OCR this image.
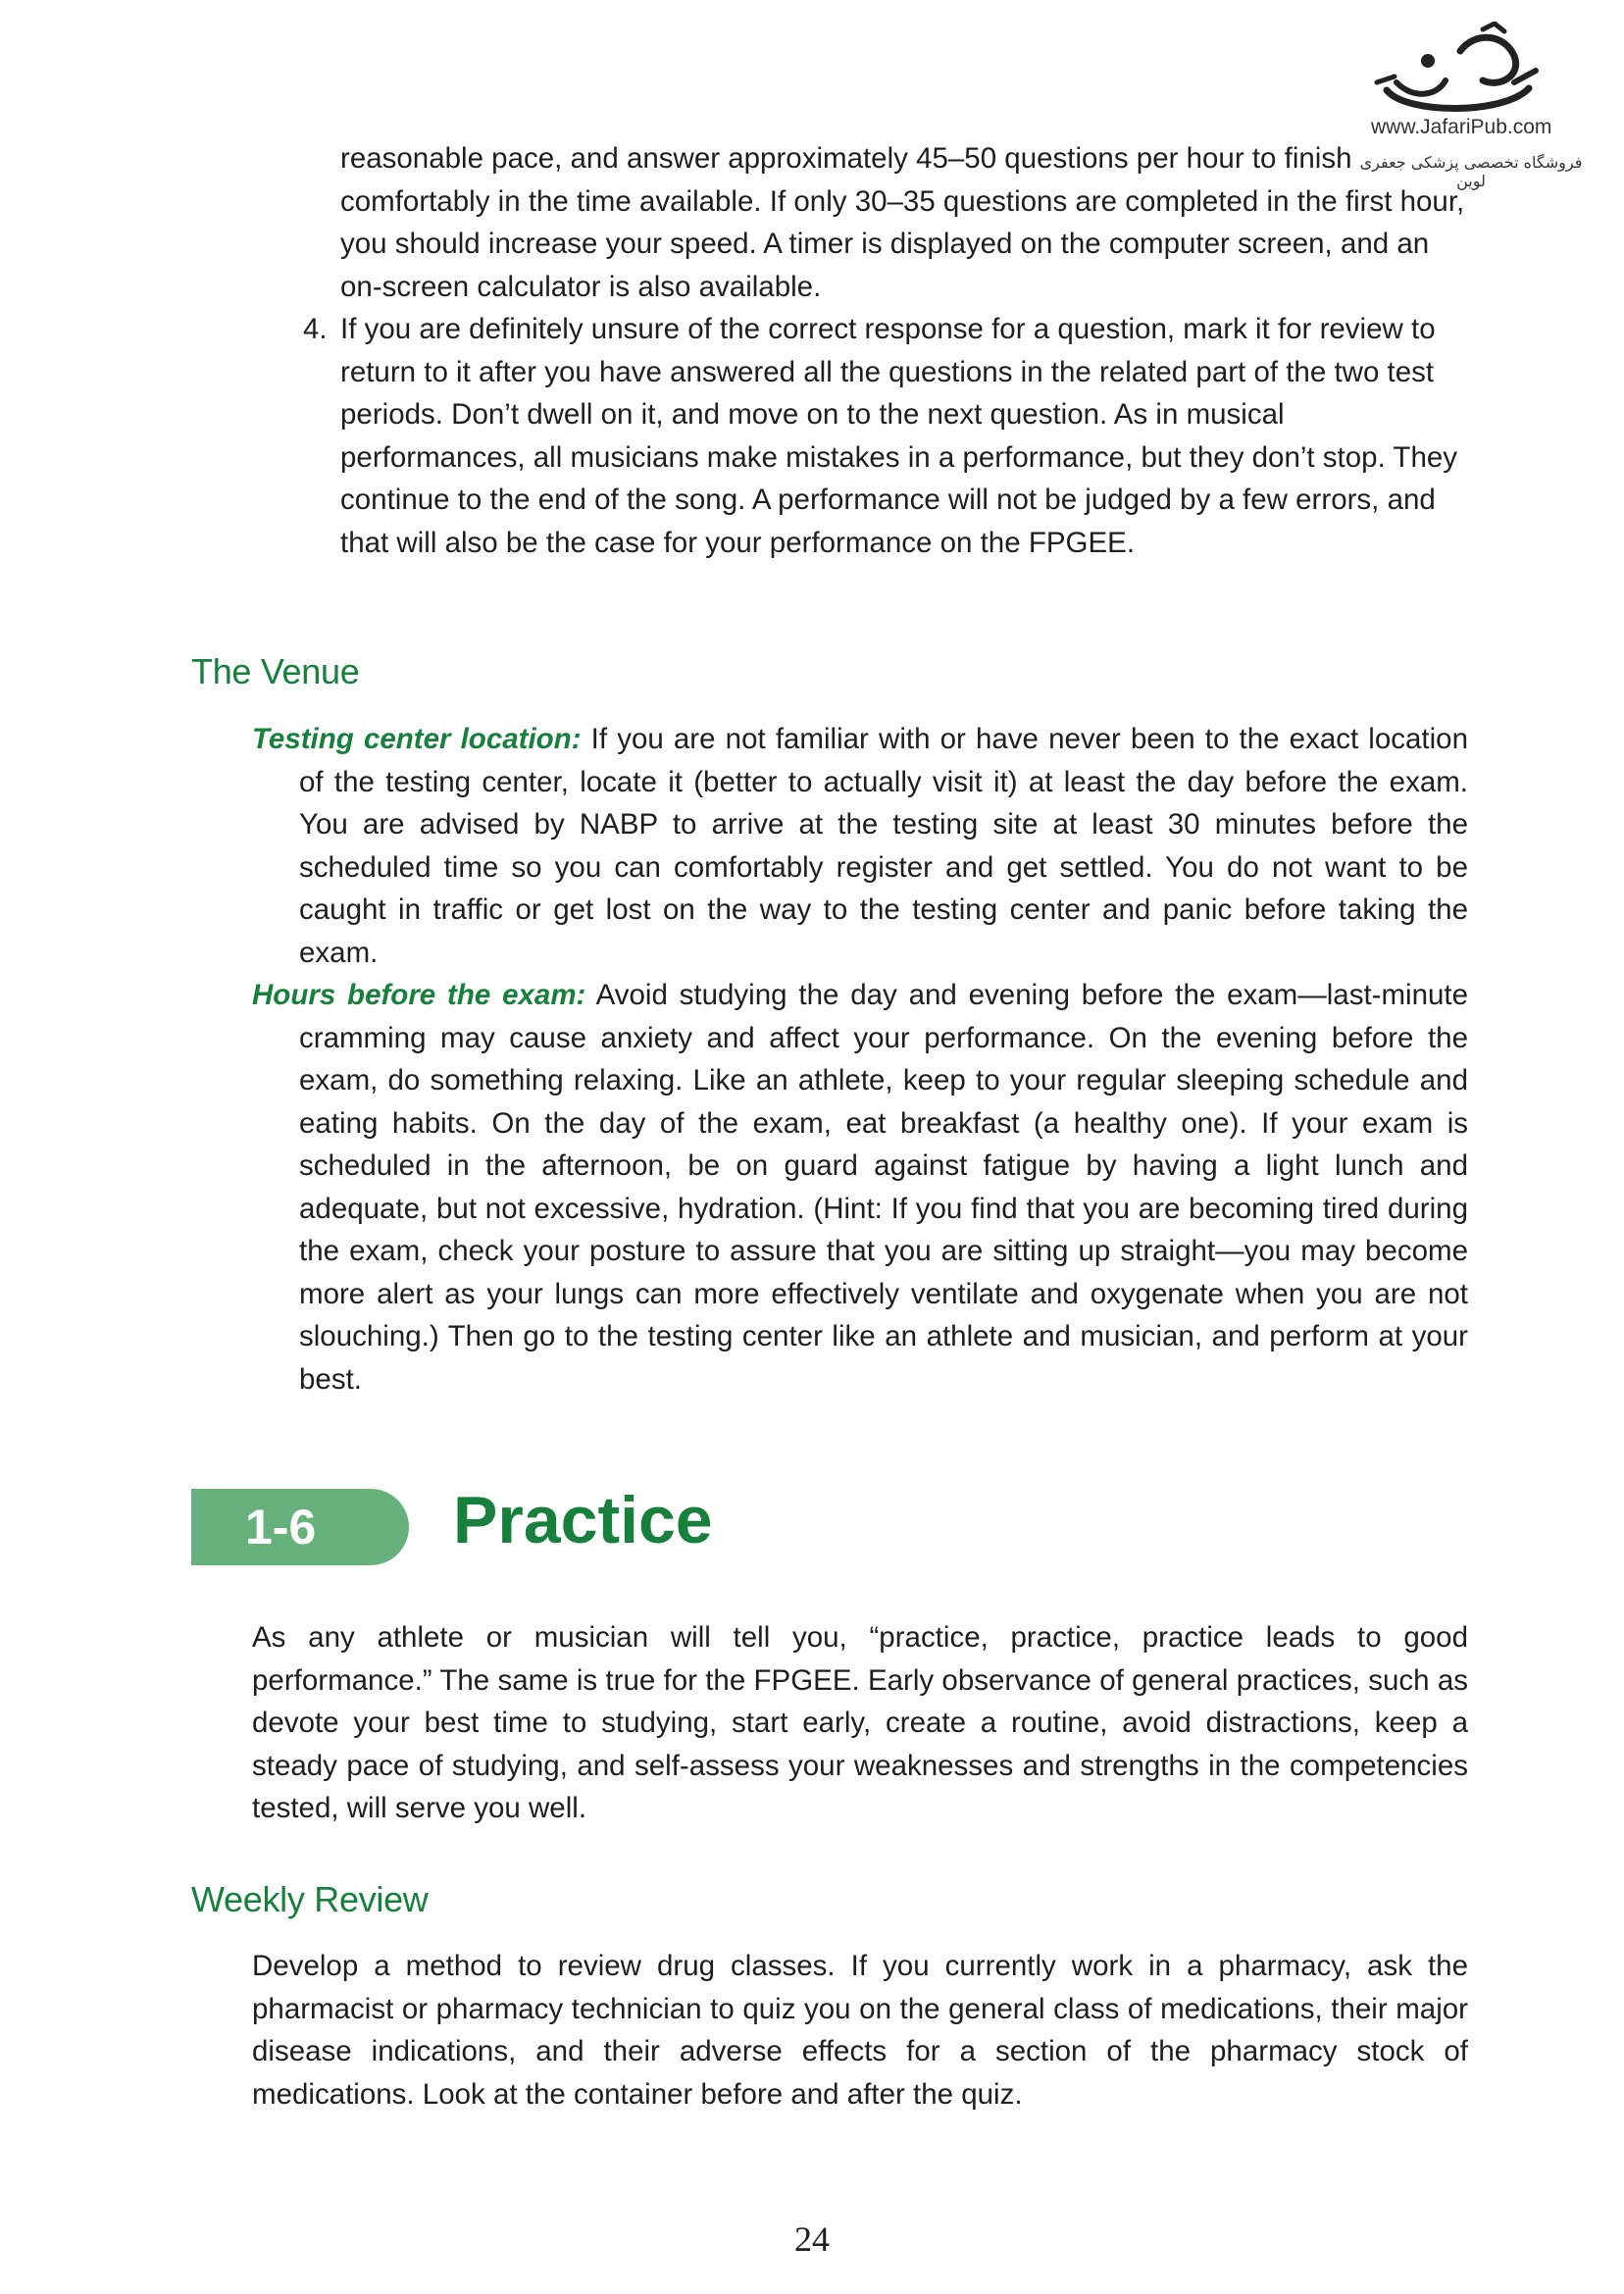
www.JafariPub.com
فروشگاه تخصصی پزشکی جعفری لوین

reasonable pace, and answer approximately 45–50 questions per hour to finish comfortably in the time available. If only 30–35 questions are completed in the first hour, you should increase your speed. A timer is displayed on the computer screen, and an on-screen calculator is also available.

4. If you are definitely unsure of the correct response for a question, mark it for review to return to it after you have answered all the questions in the related part of the two test periods. Don’t dwell on it, and move on to the next question. As in musical performances, all musicians make mistakes in a performance, but they don’t stop. They continue to the end of the song. A performance will not be judged by a few errors, and that will also be the case for your performance on the FPGEE.

The Venue

Testing center location: If you are not familiar with or have never been to the exact location of the testing center, locate it (better to actually visit it) at least the day before the exam. You are advised by NABP to arrive at the testing site at least 30 minutes before the scheduled time so you can comfortably register and get settled. You do not want to be caught in traffic or get lost on the way to the testing center and panic before taking the exam.

Hours before the exam: Avoid studying the day and evening before the exam—last-minute cramming may cause anxiety and affect your performance. On the evening before the exam, do something relaxing. Like an athlete, keep to your regular sleeping schedule and eating habits. On the day of the exam, eat breakfast (a healthy one). If your exam is scheduled in the afternoon, be on guard against fatigue by having a light lunch and adequate, but not excessive, hydration. (Hint: If you find that you are becoming tired during the exam, check your posture to assure that you are sitting up straight—you may become more alert as your lungs can more effectively ventilate and oxygenate when you are not slouching.) Then go to the testing center like an athlete and musician, and perform at your best.

1-6 Practice

As any athlete or musician will tell you, “practice, practice, practice leads to good performance.” The same is true for the FPGEE. Early observance of general practices, such as devote your best time to studying, start early, create a routine, avoid distractions, keep a steady pace of studying, and self-assess your weaknesses and strengths in the competencies tested, will serve you well.

Weekly Review

Develop a method to review drug classes. If you currently work in a pharmacy, ask the pharmacist or pharmacy technician to quiz you on the general class of medications, their major disease indications, and their adverse effects for a section of the pharmacy stock of medications. Look at the container before and after the quiz.

24
